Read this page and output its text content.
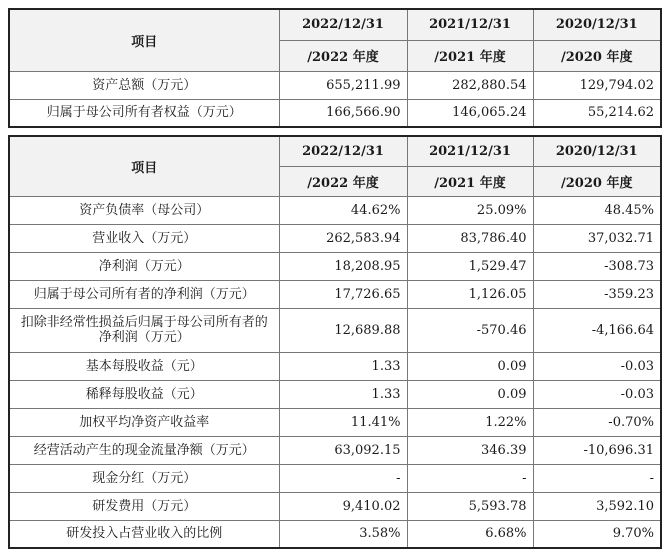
项目	2022/12/31	2021/12/31	2020/12/31
	/2022 年度	/2021 年度	/2020 年度
资产总额（万元）	655,211.99	282,880.54	129,794.02
归属于母公司所有者权益（万元）	166,566.90	146,065.24	55,214.62
项目	2022/12/31	2021/12/31	2020/12/31
	/2022 年度	/2021 年度	/2020 年度
资产负债率（母公司）	44.62%	25.09%	48.45%
营业收入（万元）	262,583.94	83,786.40	37,032.71
净利润（万元）	18,208.95	1,529.47	-308.73
归属于母公司所有者的净利润（万元）	17,726.65	1,126.05	-359.23
扣除非经常性损益后归属于母公司所有者的净利润（万元）	12,689.88	-570.46	-4,166.64
基本每股收益（元）	1.33	0.09	-0.03
稀释每股收益（元）	1.33	0.09	-0.03
加权平均净资产收益率	11.41%	1.22%	-0.70%
经营活动产生的现金流量净额（万元）	63,092.15	346.39	-10,696.31
现金分红（万元）	-	-	-
研发费用（万元）	9,410.02	5,593.78	3,592.10
研发投入占营业收入的比例	3.58%	6.68%	9.70%
